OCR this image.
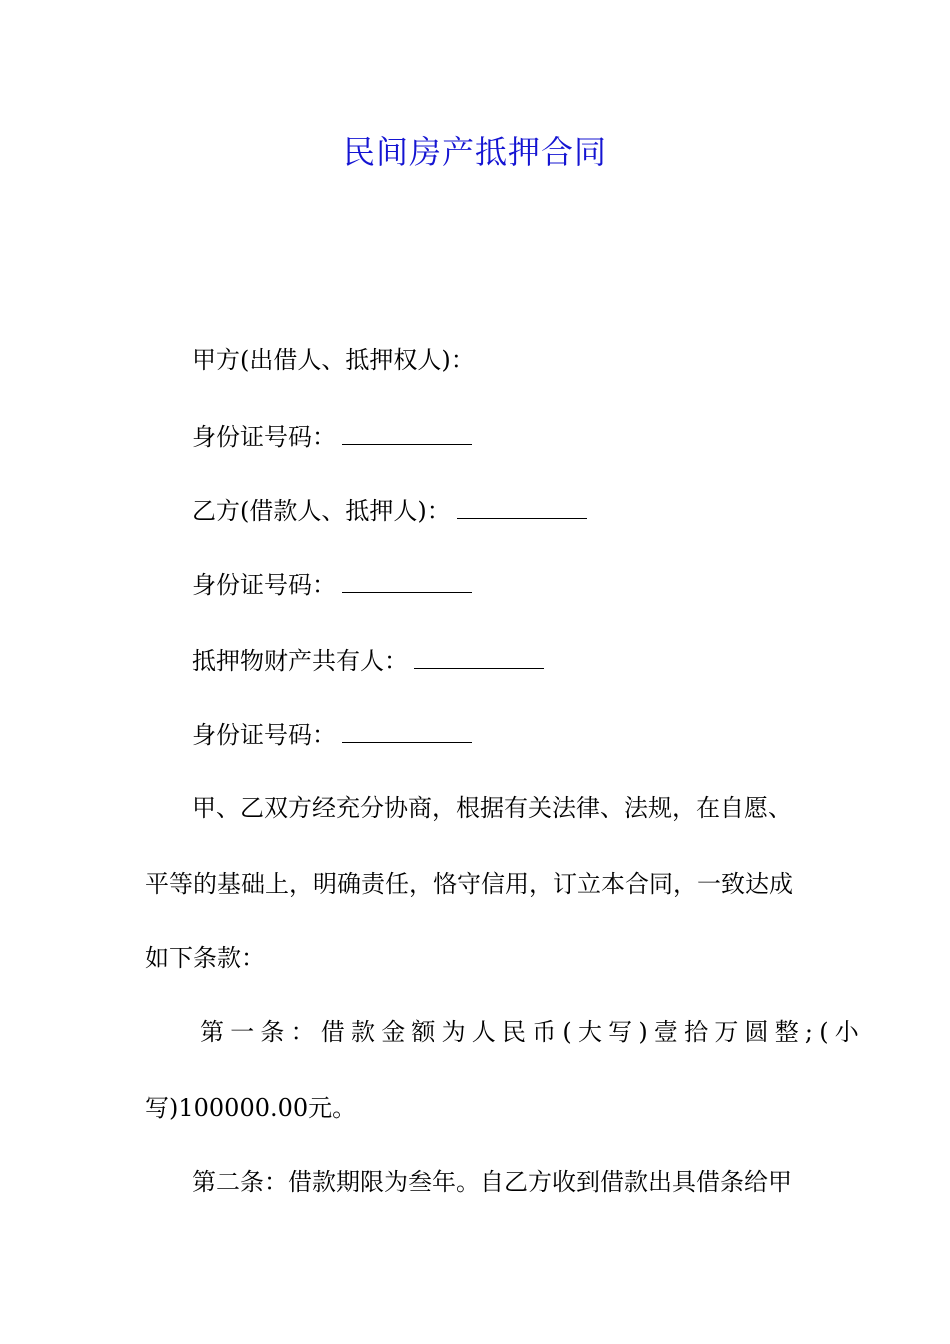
民间房产抵押合同
甲方(出借人、抵押权人)：
身份证号码：
乙方(借款人、抵押人)：
身份证号码：
抵押物财产共有人：
身份证号码：
甲、乙双方经充分协商，根据有关法律、法规，在自愿、
平等的基础上，明确责任，恪守信用，订立本合同，一致达成
如下条款：
第一条：借款金额为人民币(大写)壹拾万圆整;(小
写)100000.00元。
第二条：借款期限为叁年。自乙方收到借款出具借条给甲
